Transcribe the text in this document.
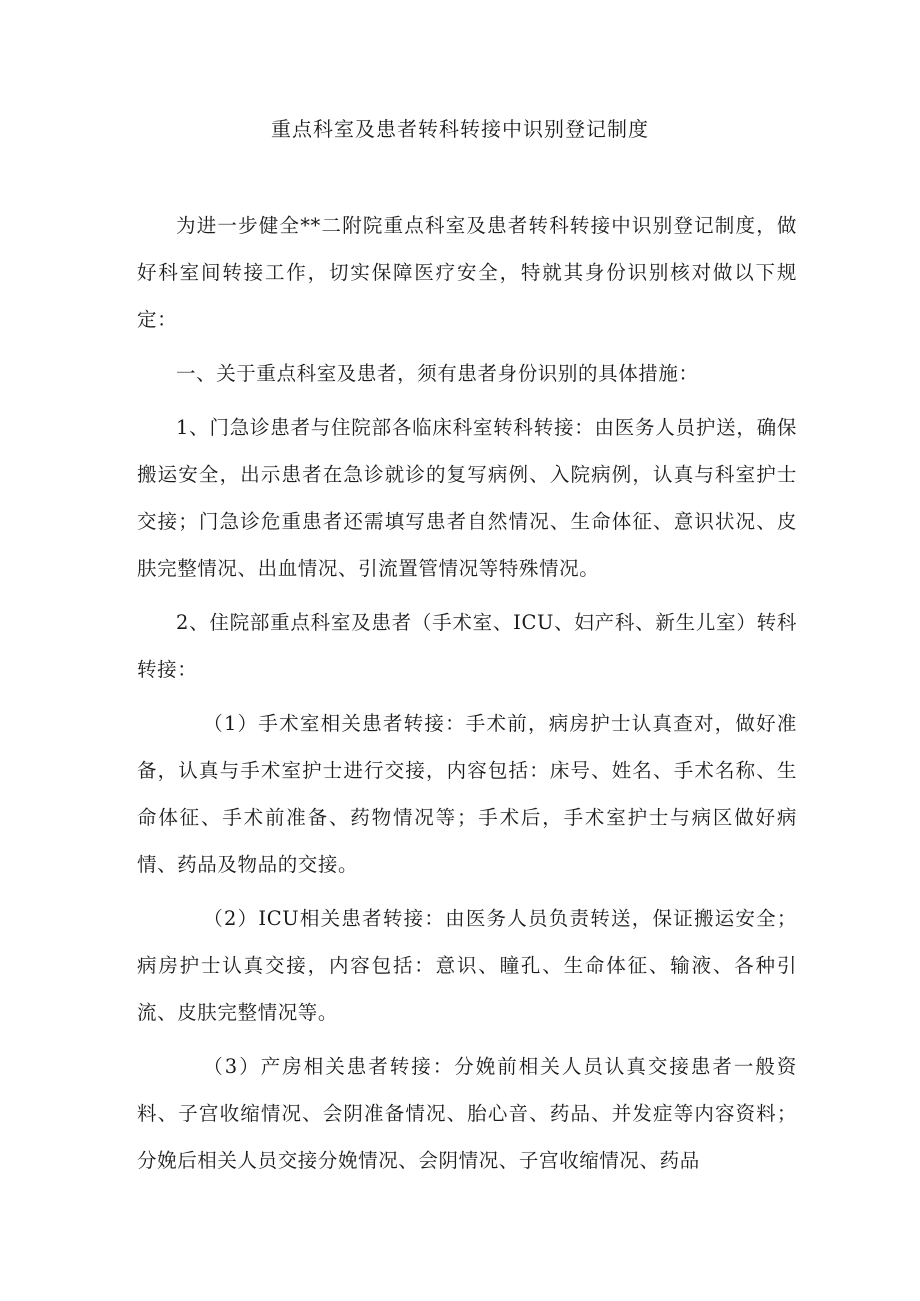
重点科室及患者转科转接中识别登记制度

为进一步健全**二附院重点科室及患者转科转接中识别登记制度，做好科室间转接工作，切实保障医疗安全，特就其身份识别核对做以下规定：

一、关于重点科室及患者，须有患者身份识别的具体措施：

1、门急诊患者与住院部各临床科室转科转接：由医务人员护送，确保搬运安全，出示患者在急诊就诊的复写病例、入院病例，认真与科室护士交接；门急诊危重患者还需填写患者自然情况、生命体征、意识状况、皮肤完整情况、出血情况、引流置管情况等特殊情况。

2、住院部重点科室及患者（手术室、ICU、妇产科、新生儿室）转科转接：

（1）手术室相关患者转接：手术前，病房护士认真查对，做好准备，认真与手术室护士进行交接，内容包括：床号、姓名、手术名称、生命体征、手术前准备、药物情况等；手术后，手术室护士与病区做好病情、药品及物品的交接。

（2）ICU相关患者转接：由医务人员负责转送，保证搬运安全；病房护士认真交接，内容包括：意识、瞳孔、生命体征、输液、各种引流、皮肤完整情况等。

（3）产房相关患者转接：分娩前相关人员认真交接患者一般资料、子宫收缩情况、会阴准备情况、胎心音、药品、并发症等内容资料；分娩后相关人员交接分娩情况、会阴情况、子宫收缩情况、药品
